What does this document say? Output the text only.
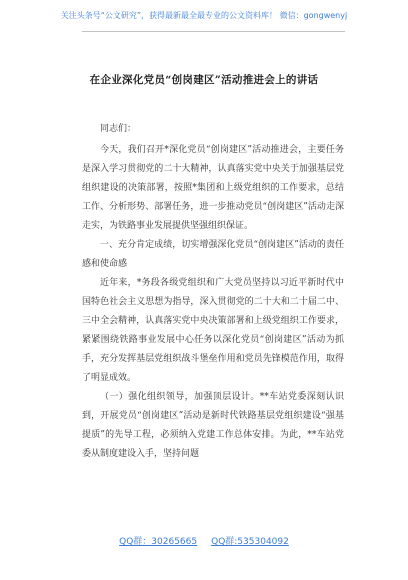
关注头条号“公文研究”，获得最新最全最专业的公文资料库！ 微信：gongwenyj
在企业深化党员“创岗建区”活动推进会上的讲话

同志们：

今天，我们召开*深化党员“创岗建区”活动推进会，主要任务是深入学习贯彻党的二十大精神，认真落实党中央关于加强基层党组织建设的决策部署，按照*集团和上级党组织的工作要求，总结工作、分析形势、部署任务，进一步推动党员“创岗建区”活动走深走实，为铁路事业发展提供坚强组织保证。

一、充分肯定成绩，切实增强深化党员“创岗建区”活动的责任感和使命感

近年来，*务段各级党组织和广大党员坚持以习近平新时代中国特色社会主义思想为指导，深入贯彻党的二十大和二十届二中、三中全会精神，认真落实党中央决策部署和上级党组织工作要求，紧紧围绕铁路事业发展中心任务以深化党员“创岗建区”活动为抓手，充分发挥基层党组织战斗堡垒作用和党员先锋模范作用，取得了明显成效。

（一）强化组织领导，加强顶层设计。**车站党委深刻认识到，开展党员“创岗建区”活动是新时代铁路基层党组织建设“强基提质”的先导工程，必须纳入党建工作总体安排。为此，**车站党委从制度建设入手，坚持问题

QQ群：30265665 QQ群:535304092
